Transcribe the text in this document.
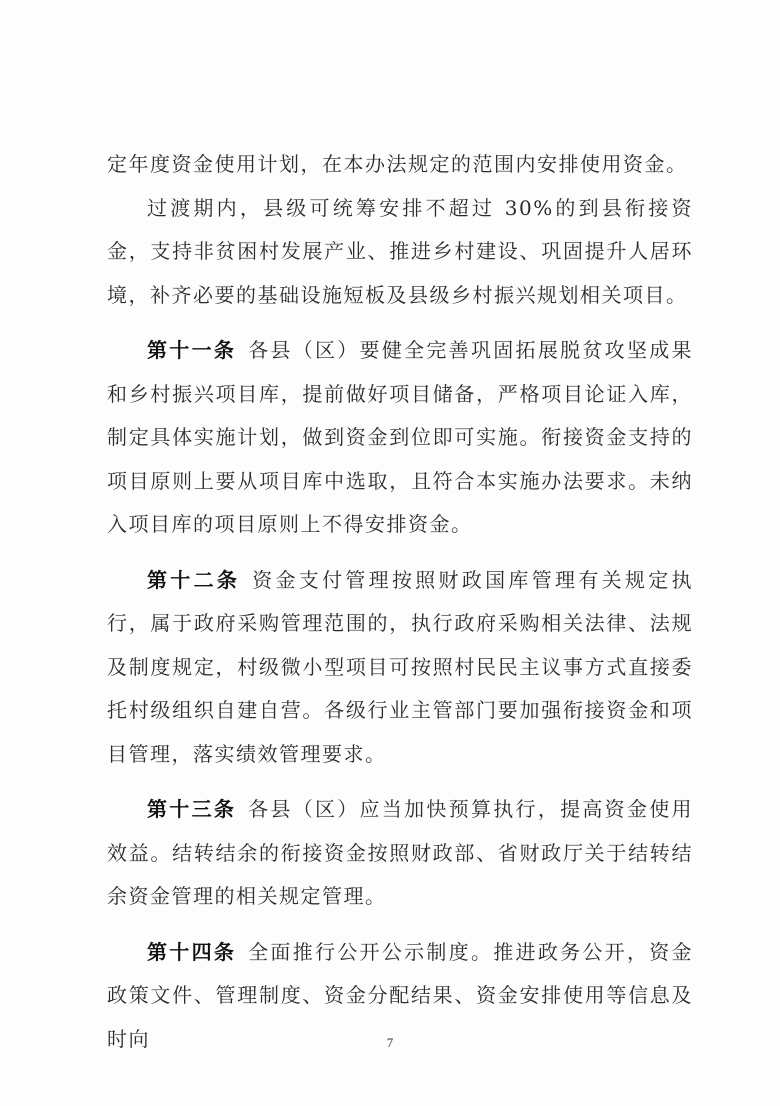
定年度资金使用计划，在本办法规定的范围内安排使用资金。

过渡期内，县级可统筹安排不超过 30%的到县衔接资金，支持非贫困村发展产业、推进乡村建设、巩固提升人居环境，补齐必要的基础设施短板及县级乡村振兴规划相关项目。

第十一条 各县（区）要健全完善巩固拓展脱贫攻坚成果和乡村振兴项目库，提前做好项目储备，严格项目论证入库，制定具体实施计划，做到资金到位即可实施。衔接资金支持的项目原则上要从项目库中选取，且符合本实施办法要求。未纳入项目库的项目原则上不得安排资金。

第十二条 资金支付管理按照财政国库管理有关规定执行，属于政府采购管理范围的，执行政府采购相关法律、法规及制度规定，村级微小型项目可按照村民民主议事方式直接委托村级组织自建自营。各级行业主管部门要加强衔接资金和项目管理，落实绩效管理要求。

第十三条 各县（区）应当加快预算执行，提高资金使用效益。结转结余的衔接资金按照财政部、省财政厅关于结转结余资金管理的相关规定管理。

第十四条 全面推行公开公示制度。推进政务公开，资金政策文件、管理制度、资金分配结果、资金安排使用等信息及时向	7
